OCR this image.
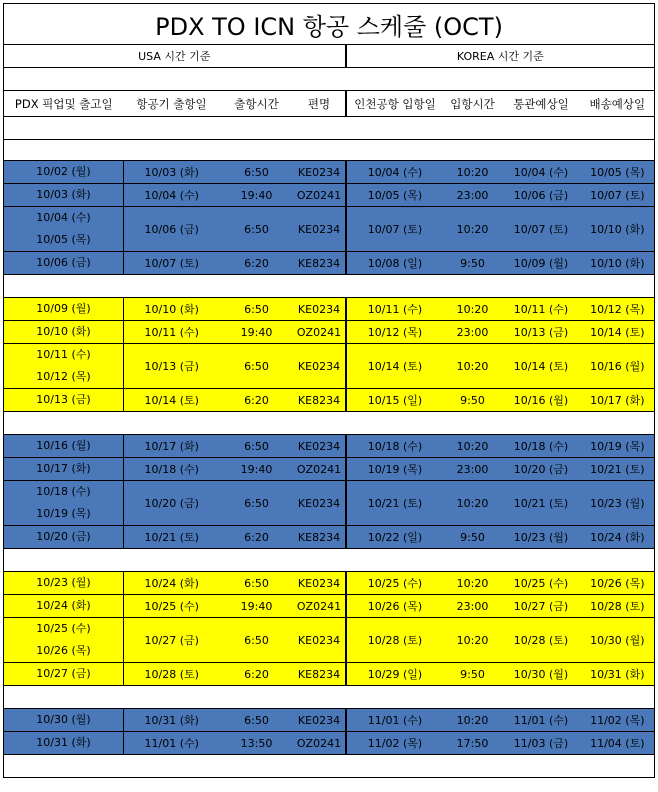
PDX TO ICN 항공 스케줄 (OCT)							
USA 시간 기준				KOREA 시간 기준			

PDX 픽업및 출고일	항공기 출항일	출항시간	편명	인천공항 입항일	입항시간	통관예상일	배송예상일

10/02 (월)	10/03 (화)	6:50	KE0234	10/04 (수)	10:20	10/04 (수)	10/05 (목)

10/03 (화)	10/04 (수)	19:40	OZ0241	10/05 (목)	23:00	10/06 (금)	10/07 (토)

10/04 (수)
10/05 (목)	10/06 (금)	6:50	KE0234	10/07 (토)	10:20	10/07 (토)	10/10 (화)

10/06 (금)	10/07 (토)	6:20	KE8234	10/08 (일)	9:50	10/09 (월)	10/10 (화)

10/09 (월)	10/10 (화)	6:50	KE0234	10/11 (수)	10:20	10/11 (수)	10/12 (목)

10/10 (화)	10/11 (수)	19:40	OZ0241	10/12 (목)	23:00	10/13 (금)	10/14 (토)

10/11 (수)
10/12 (목)	10/13 (금)	6:50	KE0234	10/14 (토)	10:20	10/14 (토)	10/16 (월)

10/13 (금)	10/14 (토)	6:20	KE8234	10/15 (일)	9:50	10/16 (월)	10/17 (화)

10/16 (월)	10/17 (화)	6:50	KE0234	10/18 (수)	10:20	10/18 (수)	10/19 (목)

10/17 (화)	10/18 (수)	19:40	OZ0241	10/19 (목)	23:00	10/20 (금)	10/21 (토)

10/18 (수)
10/19 (목)	10/20 (금)	6:50	KE0234	10/21 (토)	10:20	10/21 (토)	10/23 (월)

10/20 (금)	10/21 (토)	6:20	KE8234	10/22 (일)	9:50	10/23 (월)	10/24 (화)

10/23 (월)	10/24 (화)	6:50	KE0234	10/25 (수)	10:20	10/25 (수)	10/26 (목)

10/24 (화)	10/25 (수)	19:40	OZ0241	10/26 (목)	23:00	10/27 (금)	10/28 (토)

10/25 (수)
10/26 (목)	10/27 (금)	6:50	KE0234	10/28 (토)	10:20	10/28 (토)	10/30 (월)

10/27 (금)	10/28 (토)	6:20	KE8234	10/29 (일)	9:50	10/30 (월)	10/31 (화)

10/30 (월)	10/31 (화)	6:50	KE0234	11/01 (수)	10:20	11/01 (수)	11/02 (목)

10/31 (화)	11/01 (수)	13:50	OZ0241	11/02 (목)	17:50	11/03 (금)	11/04 (토)
